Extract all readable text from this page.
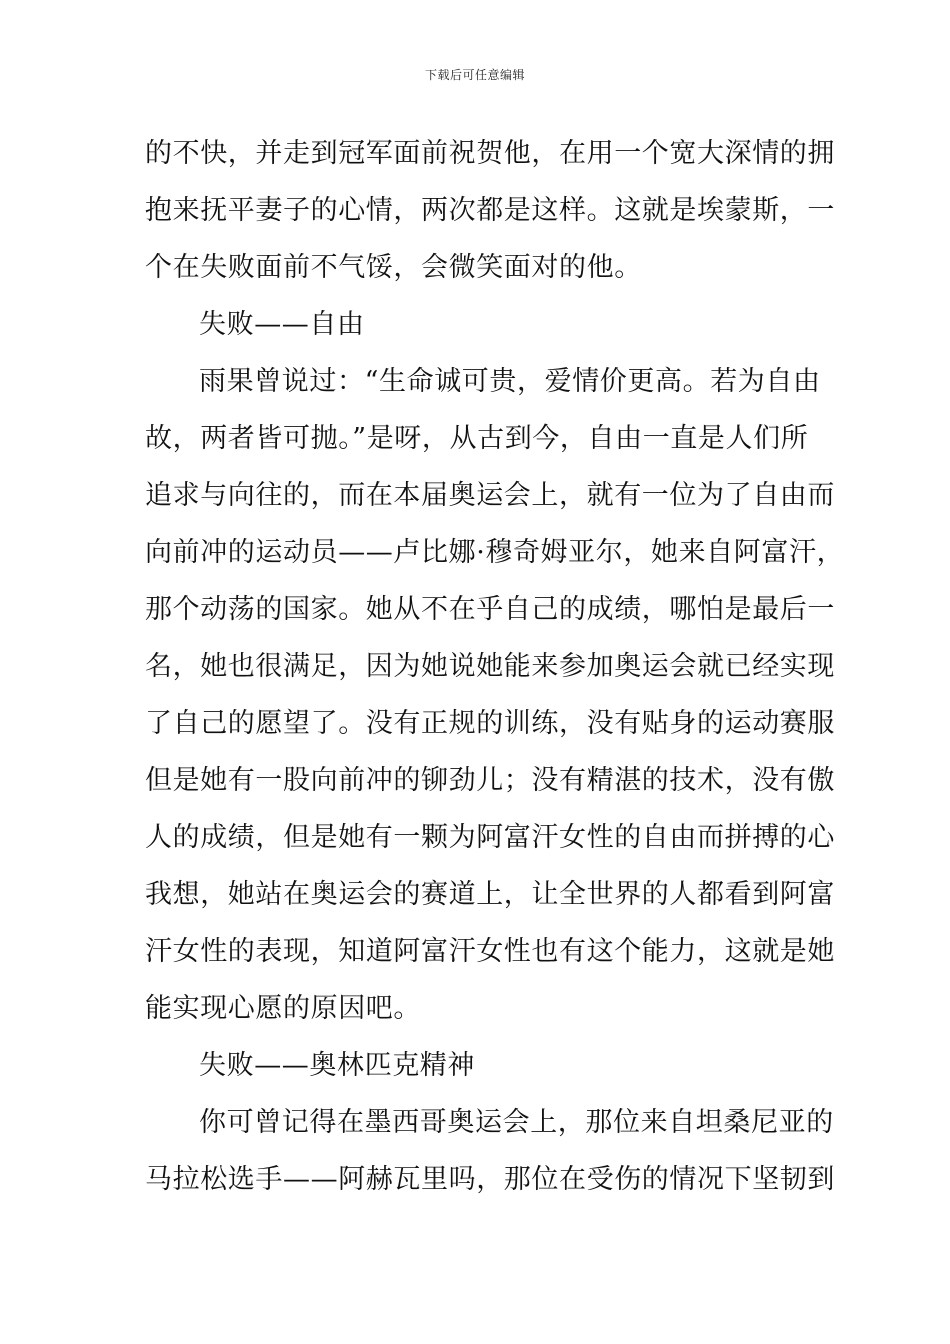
下载后可任意编辑
的不快，并走到冠军面前祝贺他，在用一个宽大深情的拥
抱来抚平妻子的心情，两次都是这样。这就是埃蒙斯，一
个在失败面前不气馁，会微笑面对的他。
失败——自由
雨果曾说过：“生命诚可贵，爱情价更高。若为自由
故，两者皆可抛。”是呀，从古到今，自由一直是人们所
追求与向往的，而在本届奥运会上，就有一位为了自由而
向前冲的运动员——卢比娜·穆奇姆亚尔，她来自阿富汗，
那个动荡的国家。她从不在乎自己的成绩，哪怕是最后一
名，她也很满足，因为她说她能来参加奥运会就已经实现
了自己的愿望了。没有正规的训练，没有贴身的运动赛服
但是她有一股向前冲的铆劲儿；没有精湛的技术，没有傲
人的成绩，但是她有一颗为阿富汗女性的自由而拼搏的心
我想，她站在奥运会的赛道上，让全世界的人都看到阿富
汗女性的表现，知道阿富汗女性也有这个能力，这就是她
能实现心愿的原因吧。
失败——奥林匹克精神
你可曾记得在墨西哥奥运会上，那位来自坦桑尼亚的
马拉松选手——阿赫瓦里吗，那位在受伤的情况下坚韧到
